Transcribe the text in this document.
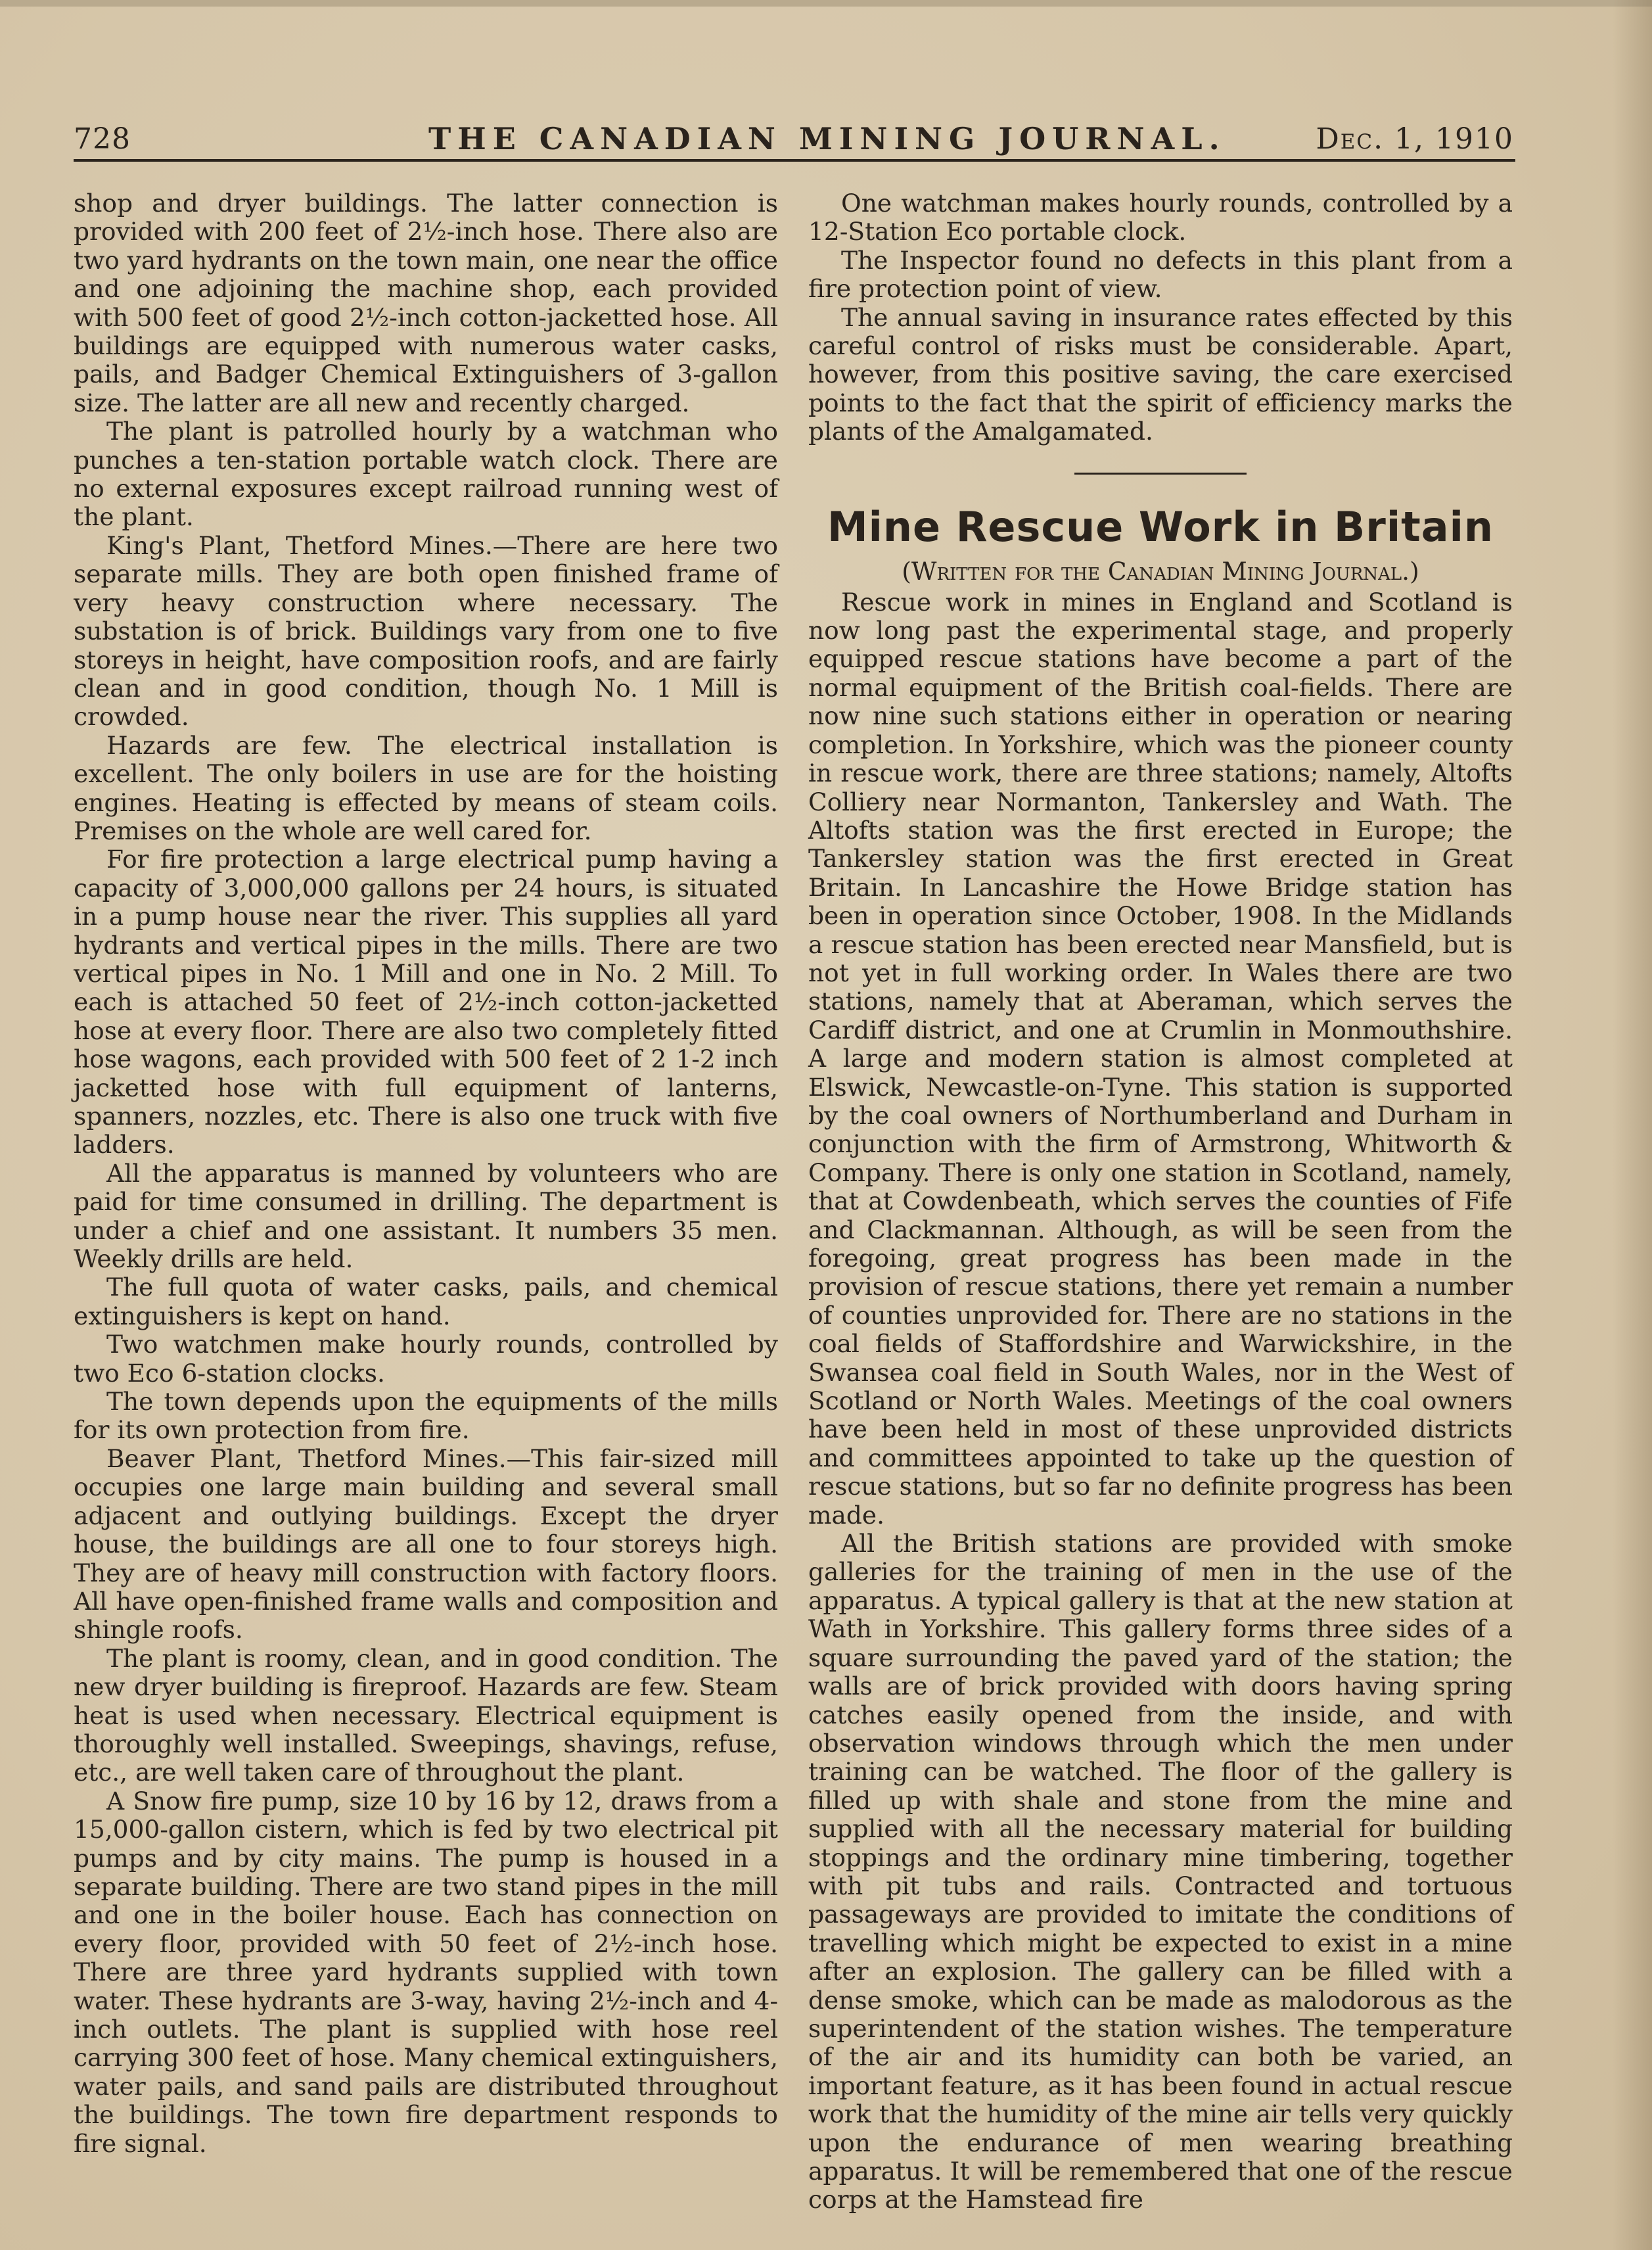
728	THE CANADIAN MINING JOURNAL.	Dec. 1, 1910

shop and dryer buildings. The latter connection is provided with 200 feet of 2½-inch hose. There also are two yard hydrants on the town main, one near the office and one adjoining the machine shop, each provided with 500 feet of good 2½-inch cotton-jacketted hose. All buildings are equipped with numerous water casks, pails, and Badger Chemical Extinguishers of 3-gallon size. The latter are all new and recently charged.

The plant is patrolled hourly by a watchman who punches a ten-station portable watch clock. There are no external exposures except railroad running west of the plant.

King's Plant, Thetford Mines.—There are here two separate mills. They are both open finished frame of very heavy construction where necessary. The substation is of brick. Buildings vary from one to five storeys in height, have composition roofs, and are fairly clean and in good condition, though No. 1 Mill is crowded.

Hazards are few. The electrical installation is excellent. The only boilers in use are for the hoisting engines. Heating is effected by means of steam coils. Premises on the whole are well cared for.

For fire protection a large electrical pump having a capacity of 3,000,000 gallons per 24 hours, is situated in a pump house near the river. This supplies all yard hydrants and vertical pipes in the mills. There are two vertical pipes in No. 1 Mill and one in No. 2 Mill. To each is attached 50 feet of 2½-inch cotton-jacketted hose at every floor. There are also two completely fitted hose wagons, each provided with 500 feet of 2 1-2 inch jacketted hose with full equipment of lanterns, spanners, nozzles, etc. There is also one truck with five ladders.

All the apparatus is manned by volunteers who are paid for time consumed in drilling. The department is under a chief and one assistant. It numbers 35 men. Weekly drills are held.

The full quota of water casks, pails, and chemical extinguishers is kept on hand.

Two watchmen make hourly rounds, controlled by two Eco 6-station clocks.

The town depends upon the equipments of the mills for its own protection from fire.

Beaver Plant, Thetford Mines.—This fair-sized mill occupies one large main building and several small adjacent and outlying buildings. Except the dryer house, the buildings are all one to four storeys high. They are of heavy mill construction with factory floors. All have open-finished frame walls and composition and shingle roofs.

The plant is roomy, clean, and in good condition. The new dryer building is fireproof. Hazards are few. Steam heat is used when necessary. Electrical equipment is thoroughly well installed. Sweepings, shavings, refuse, etc., are well taken care of throughout the plant.

A Snow fire pump, size 10 by 16 by 12, draws from a 15,000-gallon cistern, which is fed by two electrical pit pumps and by city mains. The pump is housed in a separate building. There are two stand pipes in the mill and one in the boiler house. Each has connection on every floor, provided with 50 feet of 2½-inch hose. There are three yard hydrants supplied with town water. These hydrants are 3-way, having 2½-inch and 4-inch outlets. The plant is supplied with hose reel carrying 300 feet of hose. Many chemical extinguishers, water pails, and sand pails are distributed throughout the buildings. The town fire department responds to fire signal.

One watchman makes hourly rounds, controlled by a 12-Station Eco portable clock.

The Inspector found no defects in this plant from a fire protection point of view.

The annual saving in insurance rates effected by this careful control of risks must be considerable. Apart, however, from this positive saving, the care exercised points to the fact that the spirit of efficiency marks the plants of the Amalgamated.

Mine Rescue Work in Britain
(Written for the Canadian Mining Journal.)

Rescue work in mines in England and Scotland is now long past the experimental stage, and properly equipped rescue stations have become a part of the normal equipment of the British coal-fields. There are now nine such stations either in operation or nearing completion. In Yorkshire, which was the pioneer county in rescue work, there are three stations; namely, Altofts Colliery near Normanton, Tankersley and Wath. The Altofts station was the first erected in Europe; the Tankersley station was the first erected in Great Britain. In Lancashire the Howe Bridge station has been in operation since October, 1908. In the Midlands a rescue station has been erected near Mansfield, but is not yet in full working order. In Wales there are two stations, namely that at Aberaman, which serves the Cardiff district, and one at Crumlin in Monmouthshire. A large and modern station is almost completed at Elswick, Newcastle-on-Tyne. This station is supported by the coal owners of Northumberland and Durham in conjunction with the firm of Armstrong, Whitworth & Company. There is only one station in Scotland, namely, that at Cowdenbeath, which serves the counties of Fife and Clackmannan. Although, as will be seen from the foregoing, great progress has been made in the provision of rescue stations, there yet remain a number of counties unprovided for. There are no stations in the coal fields of Staffordshire and Warwickshire, in the Swansea coal field in South Wales, nor in the West of Scotland or North Wales. Meetings of the coal owners have been held in most of these unprovided districts and committees appointed to take up the question of rescue stations, but so far no definite progress has been made.

All the British stations are provided with smoke galleries for the training of men in the use of the apparatus. A typical gallery is that at the new station at Wath in Yorkshire. This gallery forms three sides of a square surrounding the paved yard of the station; the walls are of brick provided with doors having spring catches easily opened from the inside, and with observation windows through which the men under training can be watched. The floor of the gallery is filled up with shale and stone from the mine and supplied with all the necessary material for building stoppings and the ordinary mine timbering, together with pit tubs and rails. Contracted and tortuous passageways are provided to imitate the conditions of travelling which might be expected to exist in a mine after an explosion. The gallery can be filled with a dense smoke, which can be made as malodorous as the superintendent of the station wishes. The temperature of the air and its humidity can both be varied, an important feature, as it has been found in actual rescue work that the humidity of the mine air tells very quickly upon the endurance of men wearing breathing apparatus. It will be remembered that one of the rescue corps at the Hamstead fire
